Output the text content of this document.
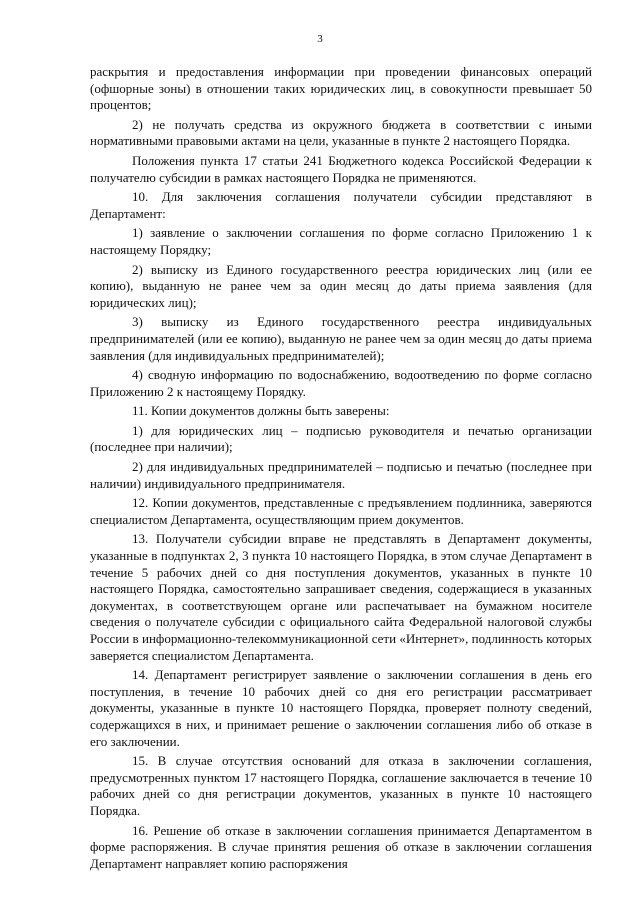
3

раскрытия и предоставления информации при проведении финансовых операций (офшорные зоны) в отношении таких юридических лиц, в совокупности превышает 50 процентов;

2) не получать средства из окружного бюджета в соответствии с иными нормативными правовыми актами на цели, указанные в пункте 2 настоящего Порядка.

Положения пункта 17 статьи 241 Бюджетного кодекса Российской Федерации к получателю субсидии в рамках настоящего Порядка не применяются.

10. Для заключения соглашения получатели субсидии представляют в Департамент:

1) заявление о заключении соглашения по форме согласно Приложению 1 к настоящему Порядку;

2) выписку из Единого государственного реестра юридических лиц (или ее копию), выданную не ранее чем за один месяц до даты приема заявления (для юридических лиц);

3) выписку из Единого государственного реестра индивидуальных предпринимателей (или ее копию), выданную не ранее чем за один месяц до даты приема заявления (для индивидуальных предпринимателей);

4) сводную информацию по водоснабжению, водоотведению по форме согласно Приложению 2 к настоящему Порядку.

11. Копии документов должны быть заверены:

1) для юридических лиц – подписью руководителя и печатью организации (последнее при наличии);

2) для индивидуальных предпринимателей – подписью и печатью (последнее при наличии) индивидуального предпринимателя.

12. Копии документов, представленные с предъявлением подлинника, заверяются специалистом Департамента, осуществляющим прием документов.

13. Получатели субсидии вправе не представлять в Департамент документы, указанные в подпунктах 2, 3 пункта 10 настоящего Порядка, в этом случае Департамент в течение 5 рабочих дней со дня поступления документов, указанных в пункте 10 настоящего Порядка, самостоятельно запрашивает сведения, содержащиеся в указанных документах, в соответствующем органе или распечатывает на бумажном носителе сведения о получателе субсидии с официального сайта Федеральной налоговой службы России в информационно-телекоммуникационной сети «Интернет», подлинность которых заверяется специалистом Департамента.

14. Департамент регистрирует заявление о заключении соглашения в день его поступления, в течение 10 рабочих дней со дня его регистрации рассматривает документы, указанные в пункте 10 настоящего Порядка, проверяет полноту сведений, содержащихся в них, и принимает решение о заключении соглашения либо об отказе в его заключении.

15. В случае отсутствия оснований для отказа в заключении соглашения, предусмотренных пунктом 17 настоящего Порядка, соглашение заключается в течение 10 рабочих дней со дня регистрации документов, указанных в пункте 10 настоящего Порядка.

16. Решение об отказе в заключении соглашения принимается Департаментом в форме распоряжения. В случае принятия решения об отказе в заключении соглашения Департамент направляет копию распоряжения
